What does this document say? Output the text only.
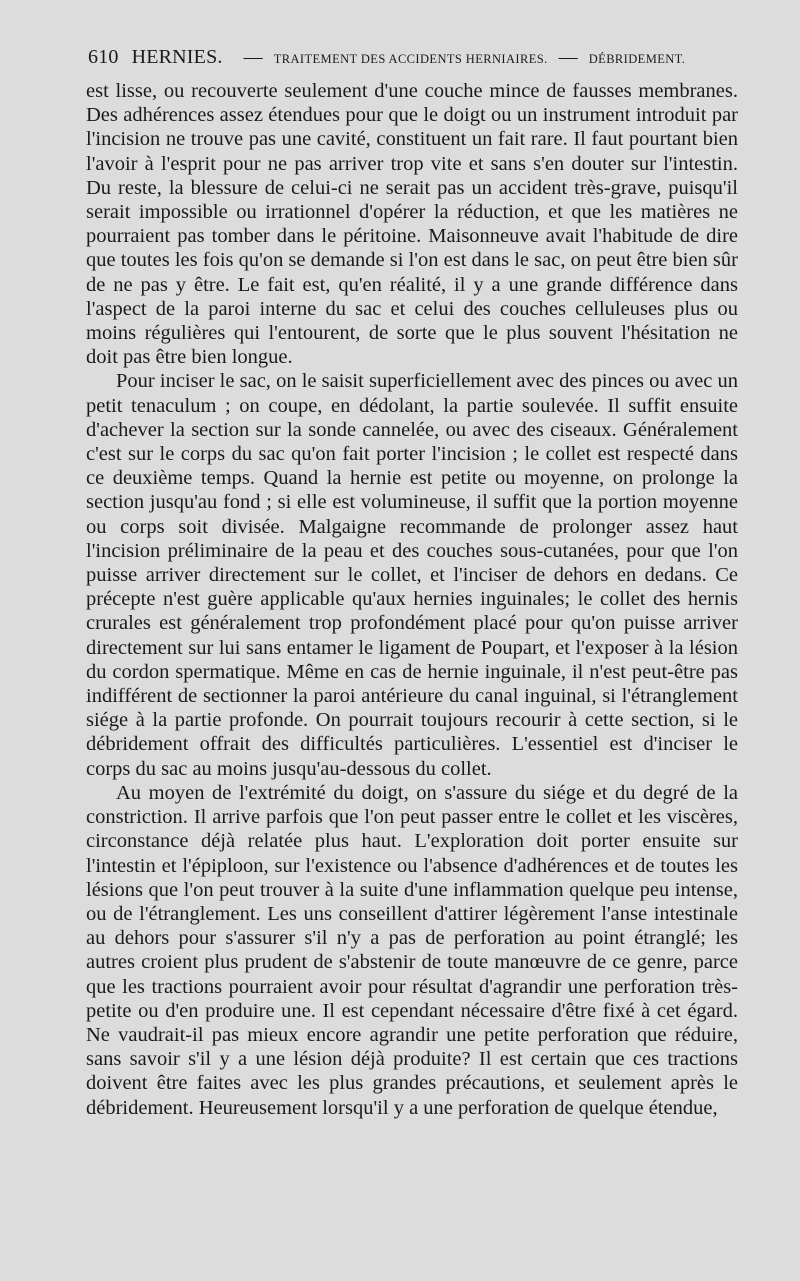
610 HERNIES. — TRAITEMENT DES ACCIDENTS HERNIAIRES. — DÉBRIDEMENT.

est lisse, ou recouverte seulement d'une couche mince de fausses membranes. Des adhérences assez étendues pour que le doigt ou un instrument introduit par l'incision ne trouve pas une cavité, constituent un fait rare. Il faut pourtant bien l'avoir à l'esprit pour ne pas arriver trop vite et sans s'en douter sur l'intestin. Du reste, la blessure de celui-ci ne serait pas un accident très-grave, puisqu'il serait impossible ou irrationnel d'opérer la réduction, et que les matières ne pourraient pas tomber dans le péritoine. Maisonneuve avait l'habitude de dire que toutes les fois qu'on se demande si l'on est dans le sac, on peut être bien sûr de ne pas y être. Le fait est, qu'en réalité, il y a une grande différence dans l'aspect de la paroi interne du sac et celui des couches celluleuses plus ou moins régulières qui l'entourent, de sorte que le plus souvent l'hésitation ne doit pas être bien longue.

Pour inciser le sac, on le saisit superficiellement avec des pinces ou avec un petit tenaculum ; on coupe, en dédolant, la partie soulevée. Il suffit ensuite d'achever la section sur la sonde cannelée, ou avec des ciseaux. Généralement c'est sur le corps du sac qu'on fait porter l'incision ; le collet est respecté dans ce deuxième temps. Quand la hernie est petite ou moyenne, on prolonge la section jusqu'au fond ; si elle est volumineuse, il suffit que la portion moyenne ou corps soit divisée. Malgaigne recommande de prolonger assez haut l'incision préliminaire de la peau et des couches sous-cutanées, pour que l'on puisse arriver directement sur le collet, et l'inciser de dehors en dedans. Ce précepte n'est guère applicable qu'aux hernies inguinales; le collet des hernis crurales est généralement trop profondément placé pour qu'on puisse arriver directement sur lui sans entamer le ligament de Poupart, et l'exposer à la lésion du cordon spermatique. Même en cas de hernie inguinale, il n'est peut-être pas indifférent de sectionner la paroi antérieure du canal inguinal, si l'étranglement siége à la partie profonde. On pourrait toujours recourir à cette section, si le débridement offrait des difficultés particulières. L'essentiel est d'inciser le corps du sac au moins jusqu'au-dessous du collet.

Au moyen de l'extrémité du doigt, on s'assure du siége et du degré de la constriction. Il arrive parfois que l'on peut passer entre le collet et les viscères, circonstance déjà relatée plus haut. L'exploration doit porter ensuite sur l'intestin et l'épiploon, sur l'existence ou l'absence d'adhérences et de toutes les lésions que l'on peut trouver à la suite d'une inflammation quelque peu intense, ou de l'étranglement. Les uns conseillent d'attirer légèrement l'anse intestinale au dehors pour s'assurer s'il n'y a pas de perforation au point étranglé; les autres croient plus prudent de s'abstenir de toute manœuvre de ce genre, parce que les tractions pourraient avoir pour résultat d'agrandir une perforation très-petite ou d'en produire une. Il est cependant nécessaire d'être fixé à cet égard. Ne vaudrait-il pas mieux encore agrandir une petite perforation que réduire, sans savoir s'il y a une lésion déjà produite? Il est certain que ces tractions doivent être faites avec les plus grandes précautions, et seulement après le débridement. Heureusement lorsqu'il y a une perforation de quelque étendue,
